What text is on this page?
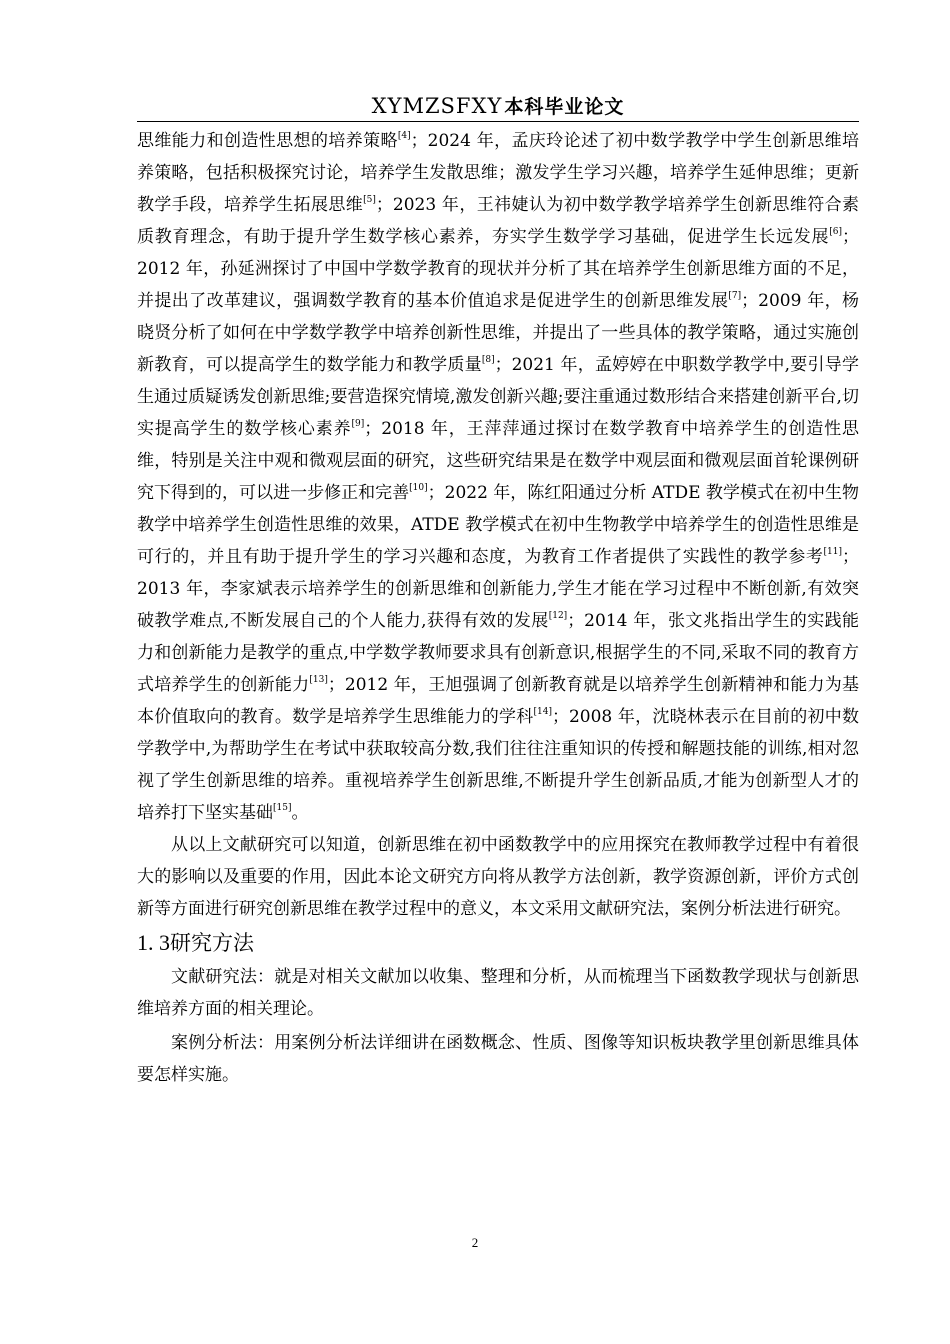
XYMZSFXY 本科毕业论文

思维能力和创造性思想的培养策略[4]；2024 年，孟庆玲论述了初中数学教学中学生创新思维培养策略，包括积极探究讨论，培养学生发散思维；激发学生学习兴趣，培养学生延伸思维；更新教学手段，培养学生拓展思维[5]；2023 年，王祎婕认为初中数学教学培养学生创新思维符合素质教育理念，有助于提升学生数学核心素养，夯实学生数学学习基础，促进学生长远发展[6]；2012 年，孙延洲探讨了中国中学数学教育的现状并分析了其在培养学生创新思维方面的不足，并提出了改革建议，强调数学教育的基本价值追求是促进学生的创新思维发展[7]；2009 年，杨晓贤分析了如何在中学数学教学中培养创新性思维，并提出了一些具体的教学策略，通过实施创新教育，可以提高学生的数学能力和教学质量[8]；2021 年，孟婷婷在中职数学教学中,要引导学生通过质疑诱发创新思维;要营造探究情境,激发创新兴趣;要注重通过数形结合来搭建创新平台,切实提高学生的数学核心素养[9]；2018 年，王萍萍通过探讨在数学教育中培养学生的创造性思维，特别是关注中观和微观层面的研究，这些研究结果是在数学中观层面和微观层面首轮课例研究下得到的，可以进一步修正和完善[10]；2022 年，陈红阳通过分析 ATDE 教学模式在初中生物教学中培养学生创造性思维的效果，ATDE 教学模式在初中生物教学中培养学生的创造性思维是可行的，并且有助于提升学生的学习兴趣和态度，为教育工作者提供了实践性的教学参考[11]；2013 年，李家斌表示培养学生的创新思维和创新能力,学生才能在学习过程中不断创新,有效突破教学难点,不断发展自己的个人能力,获得有效的发展[12]；2014 年，张文兆指出学生的实践能力和创新能力是教学的重点,中学数学教师要求具有创新意识,根据学生的不同,采取不同的教育方式培养学生的创新能力[13]；2012 年，王旭强调了创新教育就是以培养学生创新精神和能力为基本价值取向的教育。数学是培养学生思维能力的学科[14]；2008 年，沈晓林表示在目前的初中数学教学中,为帮助学生在考试中获取较高分数,我们往往注重知识的传授和解题技能的训练,相对忽视了学生创新思维的培养。重视培养学生创新思维,不断提升学生创新品质,才能为创新型人才的培养打下坚实基础[15]。

从以上文献研究可以知道，创新思维在初中函数教学中的应用探究在教师教学过程中有着很大的影响以及重要的作用，因此本论文研究方向将从教学方法创新，教学资源创新，评价方式创新等方面进行研究创新思维在教学过程中的意义，本文采用文献研究法，案例分析法进行研究。

1. 3研究方法

文献研究法：就是对相关文献加以收集、整理和分析，从而梳理当下函数教学现状与创新思维培养方面的相关理论。

案例分析法：用案例分析法详细讲在函数概念、性质、图像等知识板块教学里创新思维具体要怎样实施。

2
